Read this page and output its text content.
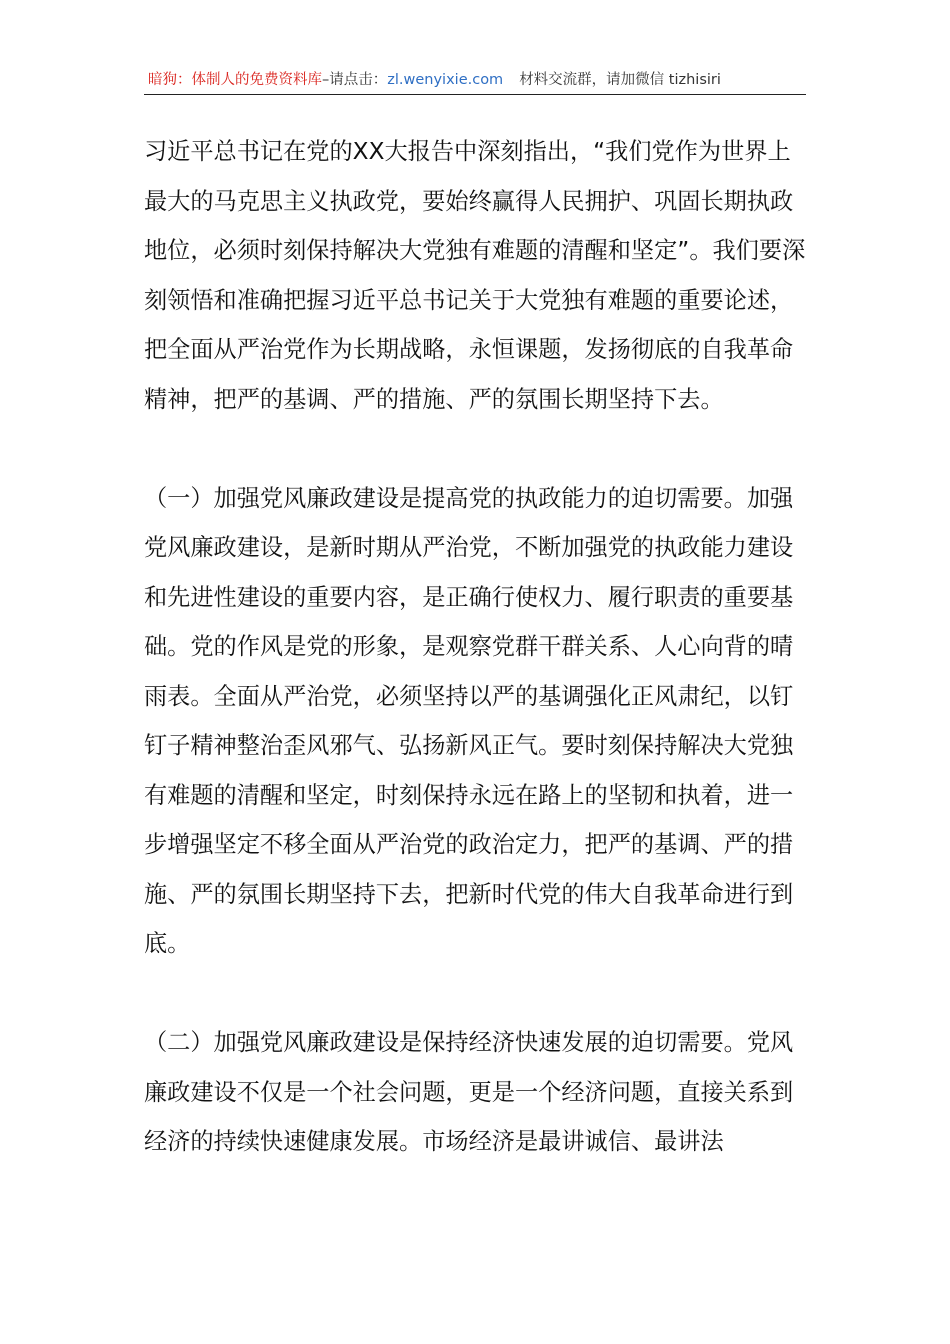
暗狗：体制人的免费资料库–请点击：zl.wenyixie.com 材料交流群，请加微信 tizhisiri

习近平总书记在党的XX大报告中深刻指出，“我们党作为世界上最大的马克思主义执政党，要始终赢得人民拥护、巩固长期执政地位，必须时刻保持解决大党独有难题的清醒和坚定”。我们要深刻领悟和准确把握习近平总书记关于大党独有难题的重要论述，把全面从严治党作为长期战略，永恒课题，发扬彻底的自我革命精神，把严的基调、严的措施、严的氛围长期坚持下去。

（一）加强党风廉政建设是提高党的执政能力的迫切需要。加强党风廉政建设，是新时期从严治党，不断加强党的执政能力建设和先进性建设的重要内容，是正确行使权力、履行职责的重要基础。党的作风是党的形象，是观察党群干群关系、人心向背的晴雨表。全面从严治党，必须坚持以严的基调强化正风肃纪，以钉钉子精神整治歪风邪气、弘扬新风正气。要时刻保持解决大党独有难题的清醒和坚定，时刻保持永远在路上的坚韧和执着，进一步增强坚定不移全面从严治党的政治定力，把严的基调、严的措施、严的氛围长期坚持下去，把新时代党的伟大自我革命进行到底。

（二）加强党风廉政建设是保持经济快速发展的迫切需要。党风廉政建设不仅是一个社会问题，更是一个经济问题，直接关系到经济的持续快速健康发展。市场经济是最讲诚信、最讲法
